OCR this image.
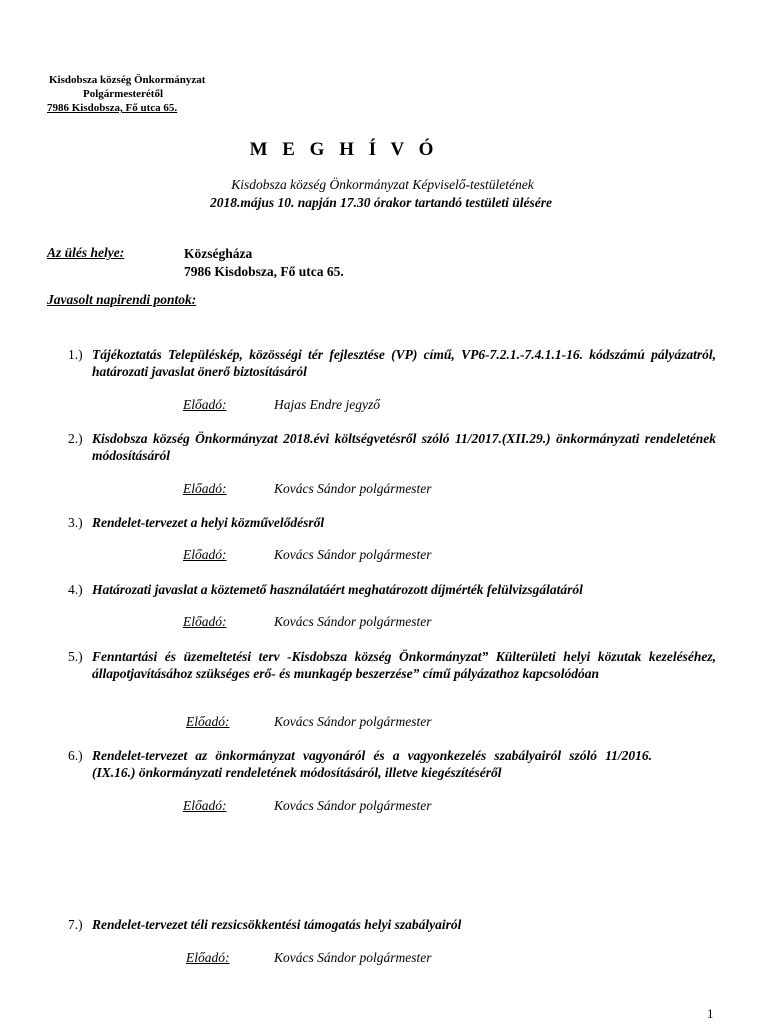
Kisdobsza község Önkormányzat
Polgármesterétől
7986 Kisdobsza, Fő utca 65.
M E G H Í V Ó
Kisdobsza község Önkormányzat Képviselő-testületének
2018.május 10. napján 17.30 órakor tartandó testületi ülésére
Az ülés helye:	Községháza
7986 Kisdobsza, Fő utca 65.
Javasolt napirendi pontok:
1.) Tájékoztatás Településkép, közösségi tér fejlesztése (VP) című, VP6-7.2.1.-7.4.1.1-16. kódszámú pályázatról, határozati javaslat önerő biztosításáról
Előadó:	Hajas Endre jegyző
2.) Kisdobsza község Önkormányzat 2018.évi költségvetésről szóló 11/2017.(XII.29.) önkormányzati rendeletének módosításáról
Előadó:	Kovács Sándor polgármester
3.) Rendelet-tervezet a helyi közművelődésről
Előadó:	Kovács Sándor polgármester
4.) Határozati javaslat a köztemető használatáért meghatározott díjmérték felülvizsgálatáról
Előadó:	Kovács Sándor polgármester
5.) Fenntartási és üzemeltetési terv -Kisdobsza község Önkormányzat” Külterületi helyi közutak kezeléséhez, állapotjavításához szükséges erő- és munkagép beszerzése” című pályázathoz kapcsolódóan
Előadó:	Kovács Sándor polgármester
6.) Rendelet-tervezet az önkormányzat vagyonáról és a vagyonkezelés szabályairól szóló 11/2016.(IX.16.) önkormányzati rendeletének módosításáról, illetve kiegészítéséről
Előadó:	Kovács Sándor polgármester
7.) Rendelet-tervezet téli rezsicsökkentési támogatás helyi szabályairól
Előadó:	Kovács Sándor polgármester
1
